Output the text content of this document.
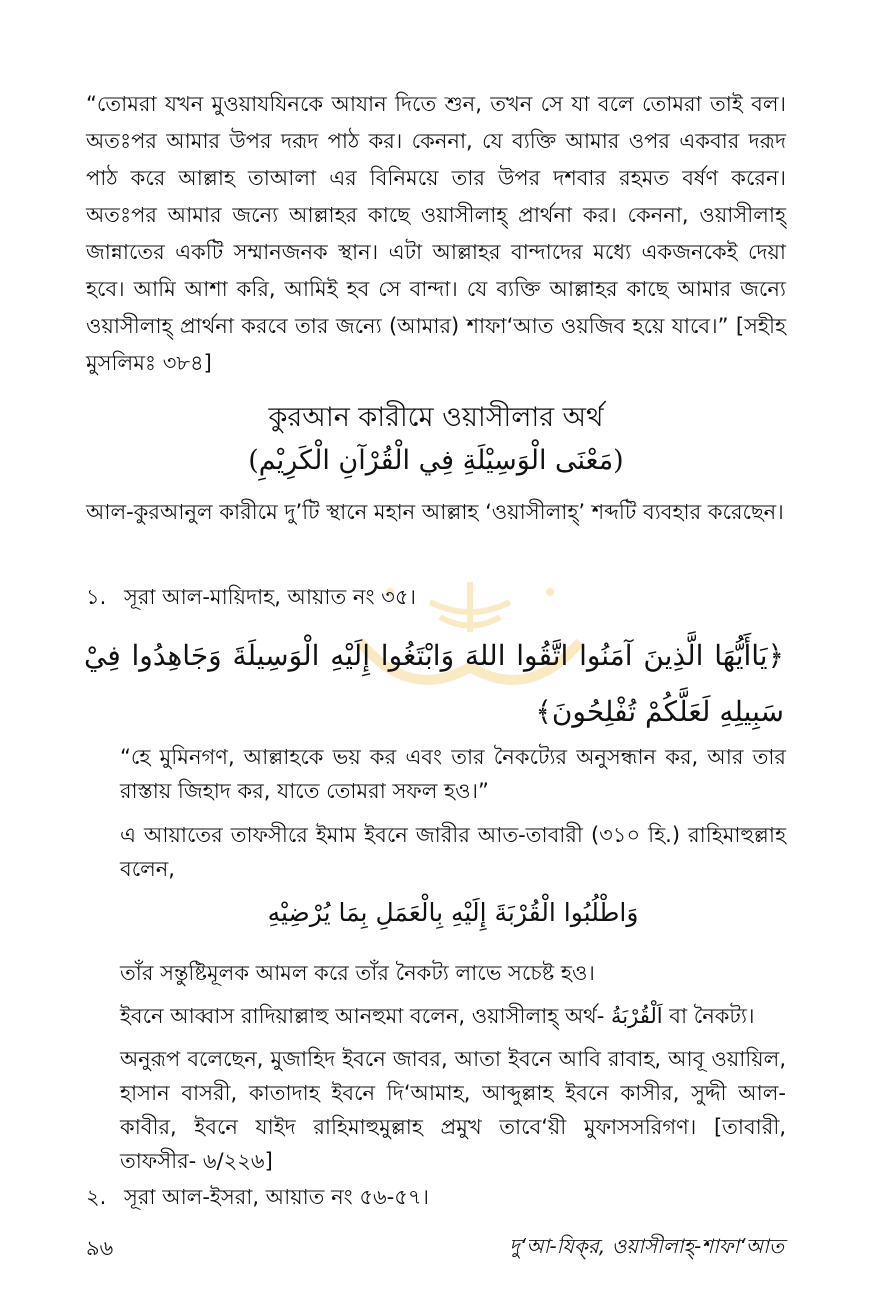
“তোমরা যখন মুওয়াযযিনকে আযান দিতে শুন, তখন সে যা বলে তোমরা তাই বল। অতঃপর আমার উপর দরূদ পাঠ কর। কেননা, যে ব্যক্তি আমার ওপর একবার দরূদ পাঠ করে আল্লাহ তাআলা এর বিনিময়ে তার উপর দশবার রহমত বর্ষণ করেন। অতঃপর আমার জন্যে আল্লাহর কাছে ওয়াসীলাহ্ প্রার্থনা কর। কেননা, ওয়াসীলাহ্ জান্নাতের একটি সম্মানজনক স্থান। এটা আল্লাহর বান্দাদের মধ্যে একজনকেই দেয়া হবে। আমি আশা করি, আমিই হব সে বান্দা। যে ব্যক্তি আল্লাহর কাছে আমার জন্যে ওয়াসীলাহ্ প্রার্থনা করবে তার জন্যে (আমার) শাফা‘আত ওয়জিব হয়ে যাবে।” [সহীহ মুসলিমঃ ৩৮৪]
কুরআন কারীমে ওয়াসীলার অর্থ
(مَعْنَى الْوَسِيْلَةِ فِي الْقُرْآنِ الْكَرِيْمِ)
আল-কুরআনুল কারীমে দু’টি স্থানে মহান আল্লাহ ‘ওয়াসীলাহ্’ শব্দটি ব্যবহার করেছেন।
১. সূরা আল-মায়িদাহ, আয়াত নং ৩৫।
﴿يَاأَيُّهَا الَّذِينَ آمَنُوا اتَّقُوا اللهَ وَابْتَغُوا إِلَيْهِ الْوَسِيلَةَ وَجَاهِدُوا فِيْ سَبِيلِهِ لَعَلَّكُمْ تُفْلِحُونَ﴾
“হে মুমিনগণ, আল্লাহকে ভয় কর এবং তার নৈকট্যের অনুসন্ধান কর, আর তার রাস্তায় জিহাদ কর, যাতে তোমরা সফল হও।”
এ আয়াতের তাফসীরে ইমাম ইবনে জারীর আত-তাবারী (৩১০ হি.) রাহিমাহুল্লাহ বলেন,
وَاطْلُبُوا الْقُرْبَةَ إِلَيْهِ بِالْعَمَلِ بِمَا يُرْضِيْهِ
তাঁর সন্তুষ্টিমূলক আমল করে তাঁর নৈকট্য লাভে সচেষ্ট হও।
ইবনে আব্বাস রাদিয়াল্লাহু আনহুমা বলেন, ওয়াসীলাহ্ অর্থ- اَلْقُرْبَةُ বা নৈকট্য।
অনুরূপ বলেছেন, মুজাহিদ ইবনে জাবর, আতা ইবনে আবি রাবাহ, আবূ ওয়ায়িল, হাসান বাসরী, কাতাদাহ ইবনে দি‘আমাহ, আব্দুল্লাহ ইবনে কাসীর, সুদ্দী আল-কাবীর, ইবনে যাইদ রাহিমাহুমুল্লাহ প্রমুখ তাবে‘য়ী মুফাসসরিগণ। [তাবারী, তাফসীর- ৬/২২৬]
২. সূরা আল-ইসরা, আয়াত নং ৫৬-৫৭।
৯৬	দু‘আ-যিক্‌র, ওয়াসীলাহ্-শাফা‘আত
